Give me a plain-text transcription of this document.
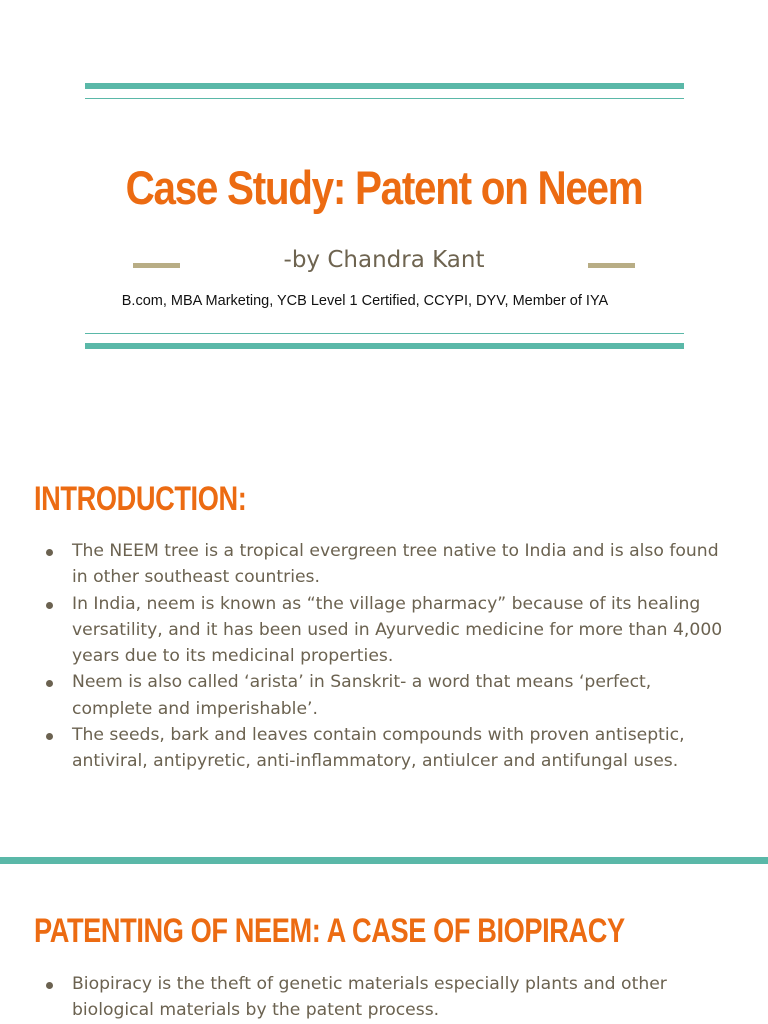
Case Study: Patent on Neem
-by Chandra Kant
B.com, MBA Marketing, YCB Level 1 Certified, CCYPI, DYV, Member of IYA
INTRODUCTION:
The NEEM tree is a tropical evergreen tree native to India and is also found in other southeast countries.
In India, neem is known as “the village pharmacy” because of its healing versatility, and it has been used in Ayurvedic medicine for more than 4,000 years due to its medicinal properties.
Neem is also called ‘arista’ in Sanskrit- a word that means ‘perfect, complete and imperishable’.
The seeds, bark and leaves contain compounds with proven antiseptic, antiviral, antipyretic, anti-inflammatory, antiulcer and antifungal uses.
PATENTING OF NEEM: A CASE OF BIOPIRACY
Biopiracy is the theft of genetic materials especially plants and other biological materials by the patent process.
